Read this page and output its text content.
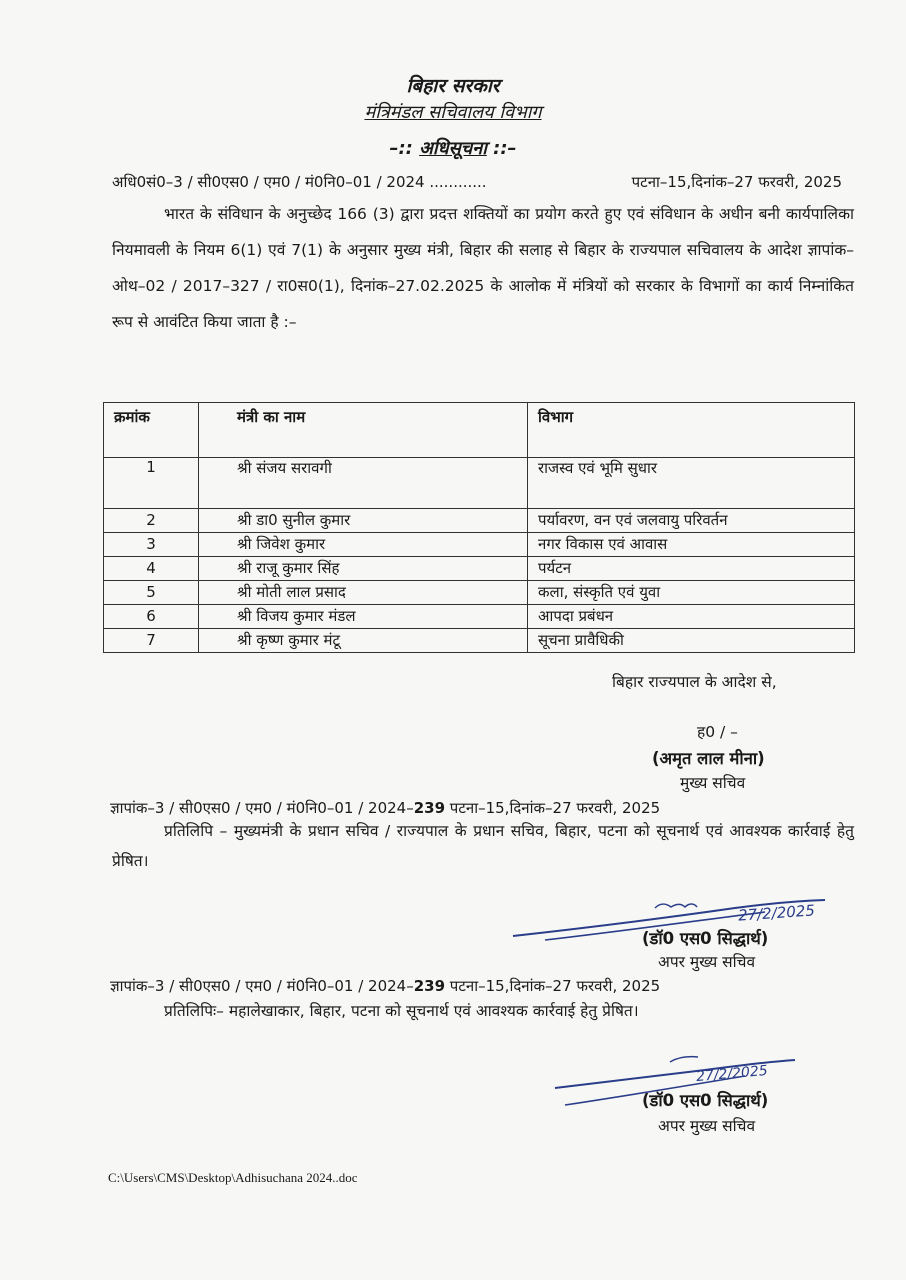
बिहार सरकार
मंत्रिमंडल सचिवालय विभाग
–:: अधिसूचना ::–
अधि0सं0–3 / सी0एस0 / एम0 / मं0नि0–01 / 2024 ............	पटना–15,दिनांक–27 फरवरी, 2025
भारत के संविधान के अनुच्छेद 166 (3) द्वारा प्रदत्त शक्तियों का प्रयोग करते हुए एवं संविधान के अधीन बनी कार्यपालिका नियमावली के नियम 6(1) एवं 7(1) के अनुसार मुख्य मंत्री, बिहार की सलाह से बिहार के राज्यपाल सचिवालय के आदेश ज्ञापांक–ओथ–02 / 2017–327 / रा0स0(1), दिनांक–27.02.2025 के आलोक में मंत्रियों को सरकार के विभागों का कार्य निम्नांकित रूप से आवंटित किया जाता है :–
क्रमांक	मंत्री का नाम	विभाग
1	श्री संजय सरावगी	राजस्व एवं भूमि सुधार
2	श्री डा0 सुनील कुमार	पर्यावरण, वन एवं जलवायु परिवर्तन
3	श्री जिवेश कुमार	नगर विकास एवं आवास
4	श्री राजू कुमार सिंह	पर्यटन
5	श्री मोती लाल प्रसाद	कला, संस्कृति एवं युवा
6	श्री विजय कुमार मंडल	आपदा प्रबंधन
7	श्री कृष्ण कुमार मंटू	सूचना प्रावैधिकी
बिहार राज्यपाल के आदेश से,
ह0 / –
(अमृत लाल मीना)
मुख्य सचिव
ज्ञापांक–3 / सी0एस0 / एम0 / मं0नि0–01 / 2024–239 पटना–15,दिनांक–27 फरवरी, 2025
प्रतिलिपि – मुख्यमंत्री के प्रधान सचिव / राज्यपाल के प्रधान सचिव, बिहार, पटना को सूचनार्थ एवं आवश्यक कार्रवाई हेतु प्रेषित।
27/2/2025
(डॉ0 एस0 सिद्धार्थ)
अपर मुख्य सचिव
ज्ञापांक–3 / सी0एस0 / एम0 / मं0नि0–01 / 2024–239 पटना–15,दिनांक–27 फरवरी, 2025
प्रतिलिपिः– महालेखाकार, बिहार, पटना को सूचनार्थ एवं आवश्यक कार्रवाई हेतु प्रेषित।
27/2/2025
(डॉ0 एस0 सिद्धार्थ)
अपर मुख्य सचिव
C:\Users\CMS\Desktop\Adhisuchana 2024..doc
